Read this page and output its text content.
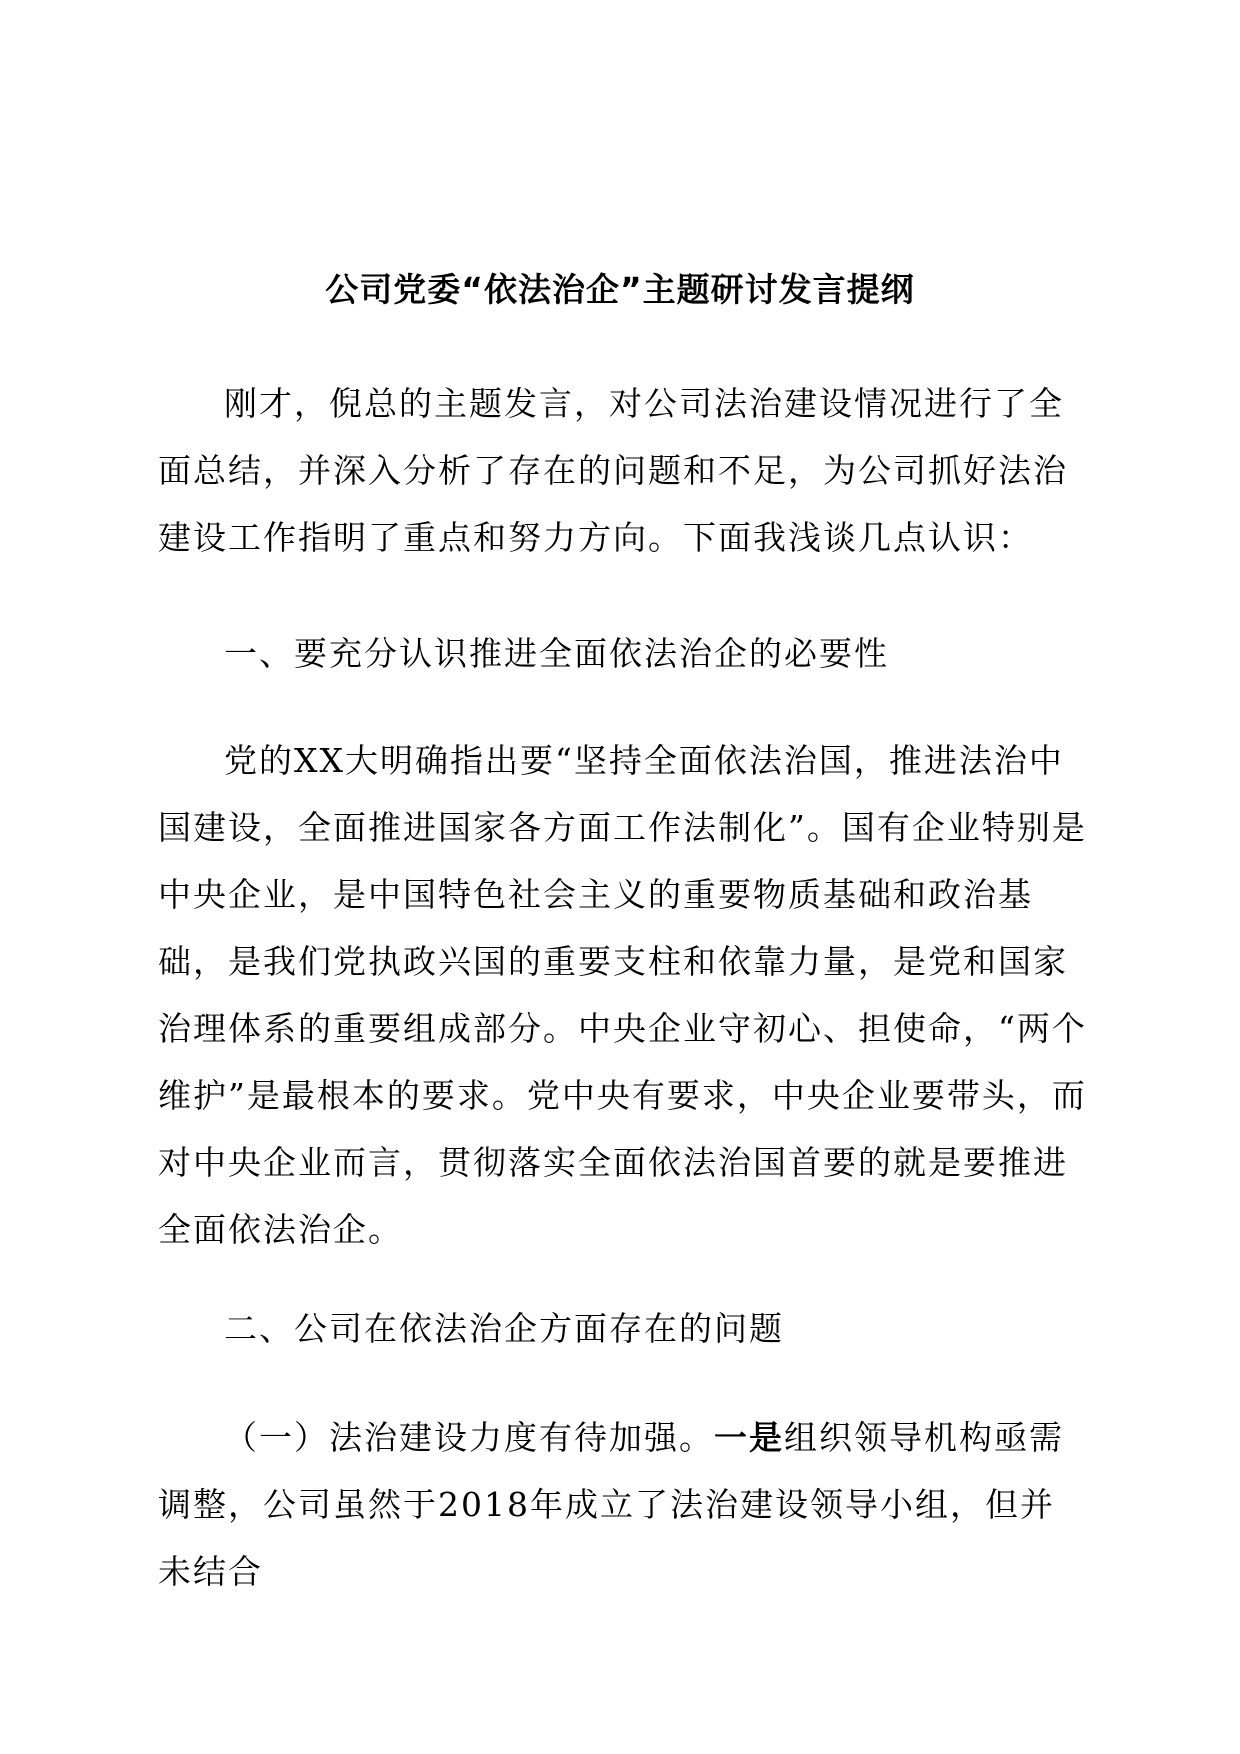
公司党委“依法治企”主题研讨发言提纲

刚才，倪总的主题发言，对公司法治建设情况进行了全面总结，并深入分析了存在的问题和不足，为公司抓好法治建设工作指明了重点和努力方向。下面我浅谈几点认识：

一、要充分认识推进全面依法治企的必要性

党的XX大明确指出要“坚持全面依法治国，推进法治中国建设，全面推进国家各方面工作法制化”。国有企业特别是中央企业，是中国特色社会主义的重要物质基础和政治基础，是我们党执政兴国的重要支柱和依靠力量，是党和国家治理体系的重要组成部分。中央企业守初心、担使命，“两个维护”是最根本的要求。党中央有要求，中央企业要带头，而对中央企业而言，贯彻落实全面依法治国首要的就是要推进全面依法治企。

二、公司在依法治企方面存在的问题

（一）法治建设力度有待加强。一是组织领导机构亟需调整，公司虽然于2018年成立了法治建设领导小组，但并未结合
